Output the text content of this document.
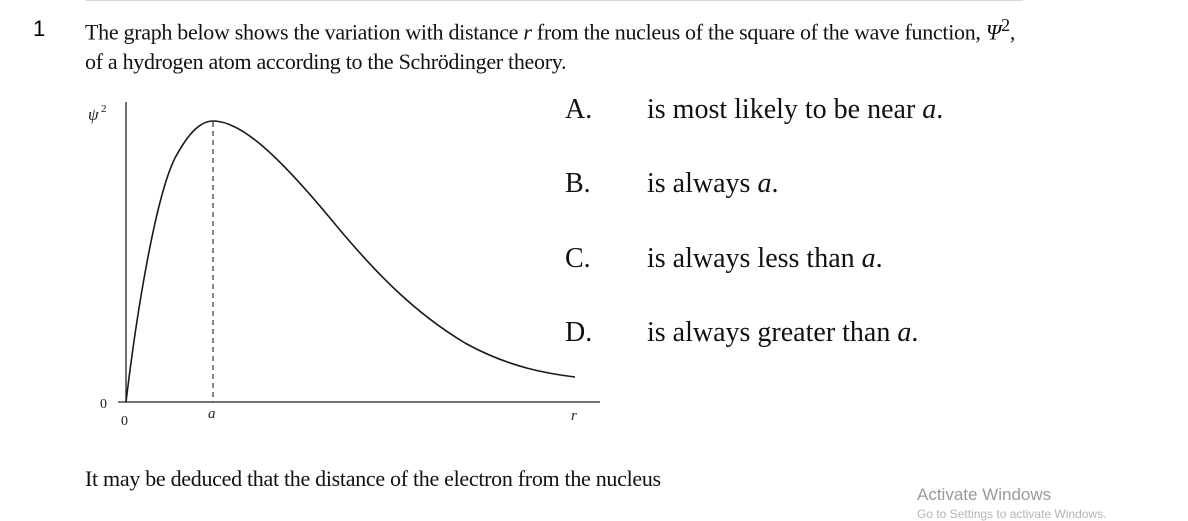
1 The graph below shows the variation with distance r from the nucleus of the square of the wave function, $\Psi^2$, of a hydrogen atom according to the Schrödinger theory.
ψ 2
0
0	a	r
A. is most likely to be near a.
B. is always a.
C. is always less than a.
D. is always greater than a.
It may be deduced that the distance of the electron from the nucleus
Activate Windows
Go to Settings to activate Windows.
